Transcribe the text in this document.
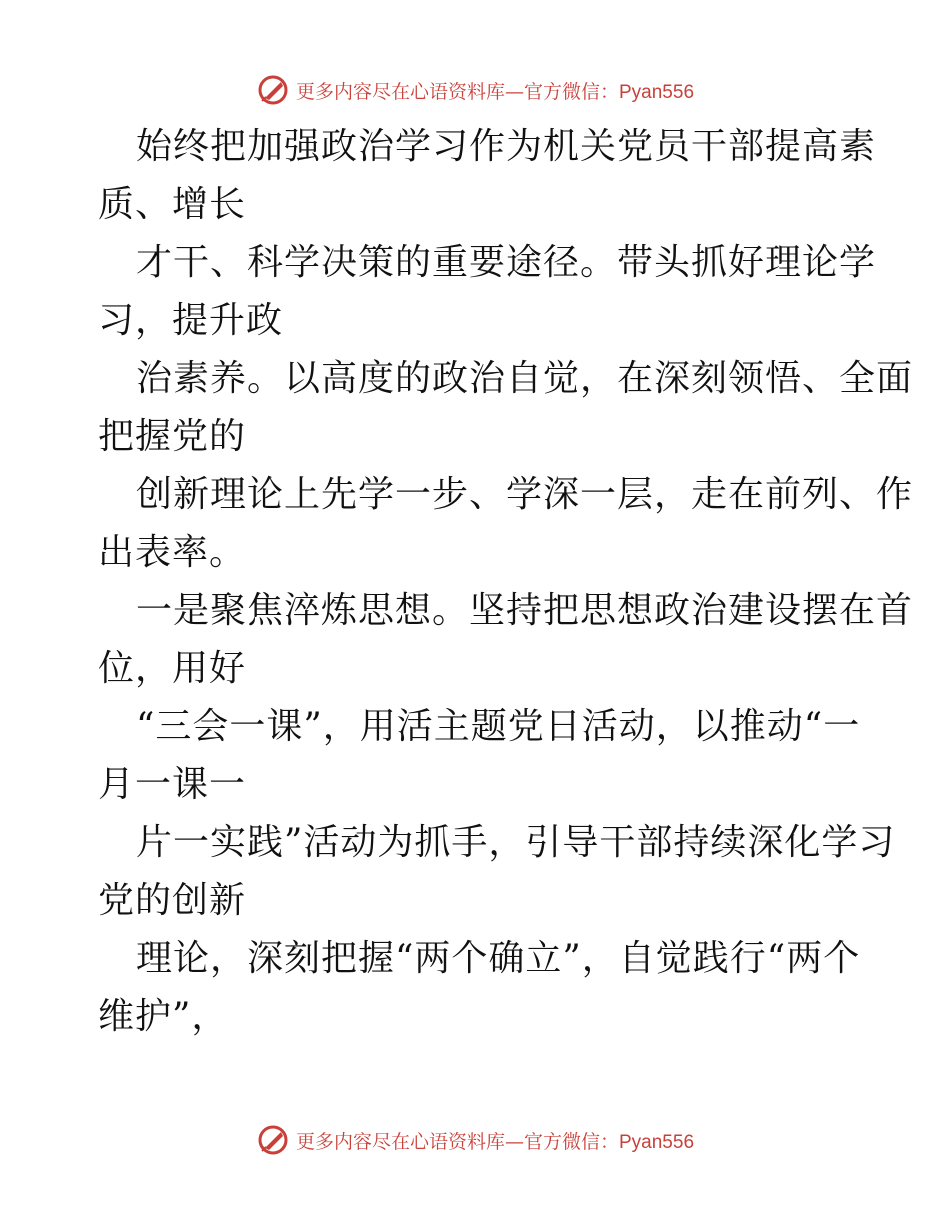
更多内容尽在心语资料库—官方微信：Pyan556
始终把加强政治学习作为机关党员干部提高素
质、增长
才干、科学决策的重要途径。带头抓好理论学
习，提升政
治素养。以高度的政治自觉，在深刻领悟、全面
把握党的
创新理论上先学一步、学深一层，走在前列、作
出表率。
一是聚焦淬炼思想。坚持把思想政治建设摆在首
位，用好
“三会一课”，用活主题党日活动，以推动“一
月一课一
片一实践”活动为抓手，引导干部持续深化学习
党的创新
理论，深刻把握“两个确立”，自觉践行“两个
维护”，
更多内容尽在心语资料库—官方微信：Pyan556
